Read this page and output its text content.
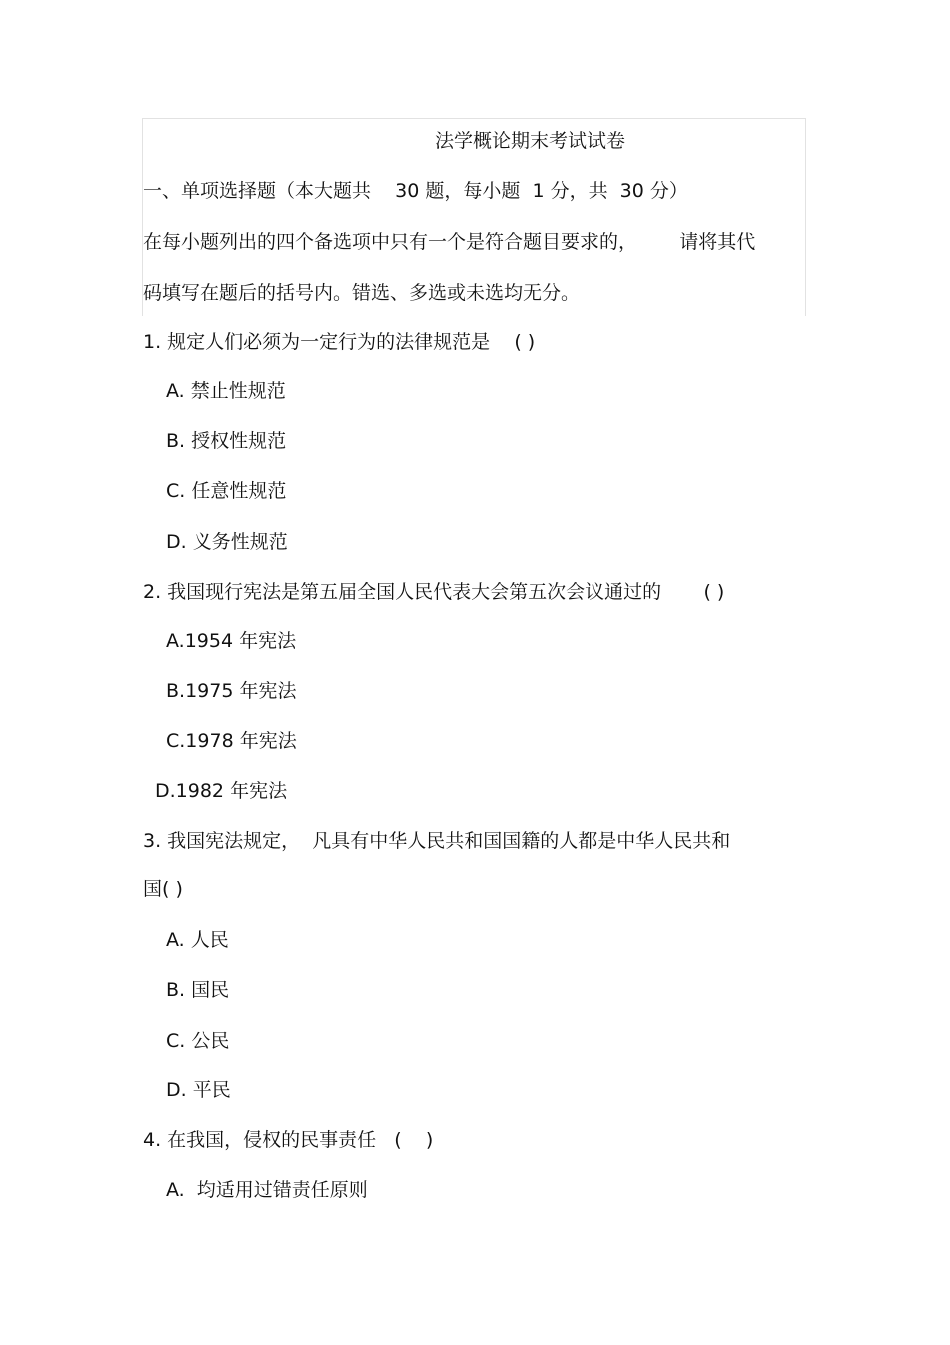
法学概论期末考试试卷
一、单项选择题（本大题共    30 题，每小题  1 分，共  30 分）
在每小题列出的四个备选项中只有一个是符合题目要求的，       请将其代
码填写在题后的括号内。错选、多选或未选均无分。
1. 规定人们必须为一定行为的法律规范是    ( )
A. 禁止性规范
B. 授权性规范
C. 任意性规范
D. 义务性规范
2. 我国现行宪法是第五届全国人民代表大会第五次会议通过的       ( )
A.1954 年宪法
B.1975 年宪法
C.1978 年宪法
D.1982 年宪法
3. 我国宪法规定，  凡具有中华人民共和国国籍的人都是中华人民共和
国( )
A. 人民
B. 国民
C. 公民
D. 平民
4. 在我国，侵权的民事责任   (    )
A.  均适用过错责任原则
